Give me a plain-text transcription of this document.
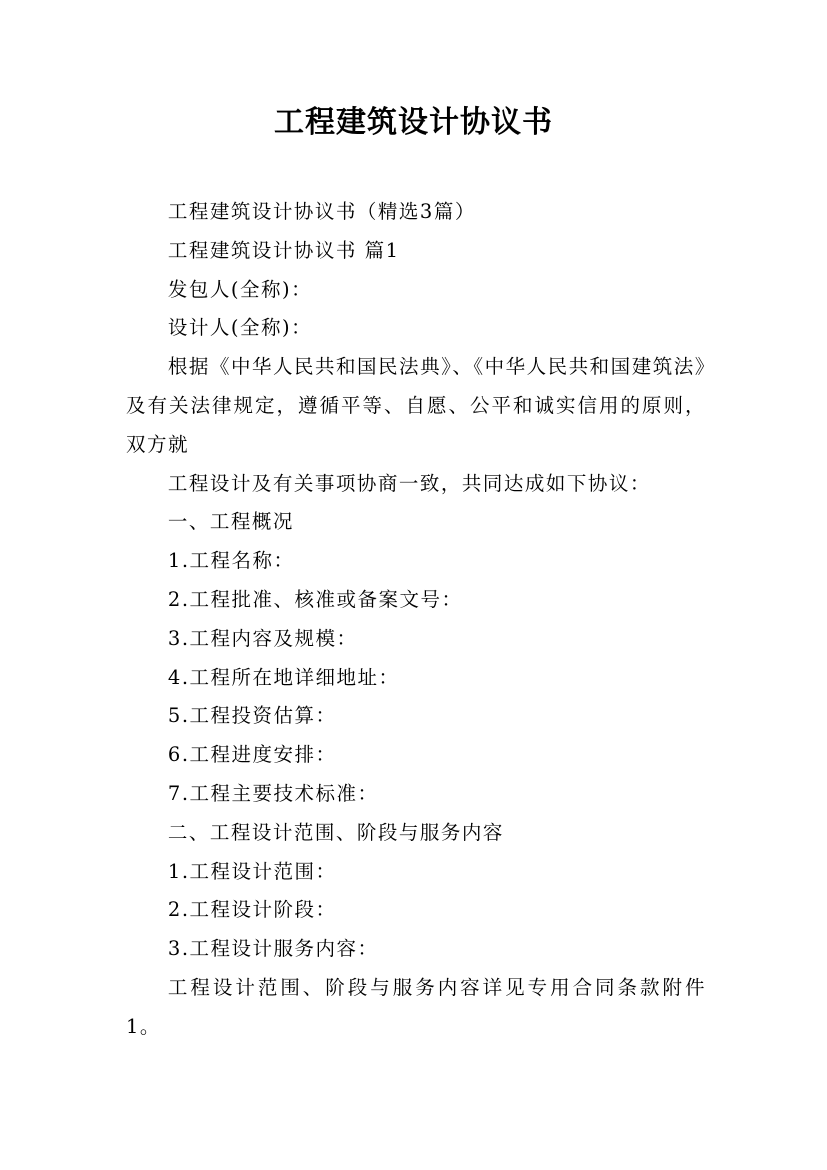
工程建筑设计协议书

工程建筑设计协议书（精选3篇）

工程建筑设计协议书 篇1

发包人(全称)：

设计人(全称)：

根据《中华人民共和国民法典》、《中华人民共和国建筑法》及有关法律规定，遵循平等、自愿、公平和诚实信用的原则，双方就

工程设计及有关事项协商一致，共同达成如下协议：

一、工程概况

1.工程名称：

2.工程批准、核准或备案文号：

3.工程内容及规模：

4.工程所在地详细地址：

5.工程投资估算：

6.工程进度安排：

7.工程主要技术标准：

二、工程设计范围、阶段与服务内容

1.工程设计范围：

2.工程设计阶段：

3.工程设计服务内容：

工程设计范围、阶段与服务内容详见专用合同条款附件1。
